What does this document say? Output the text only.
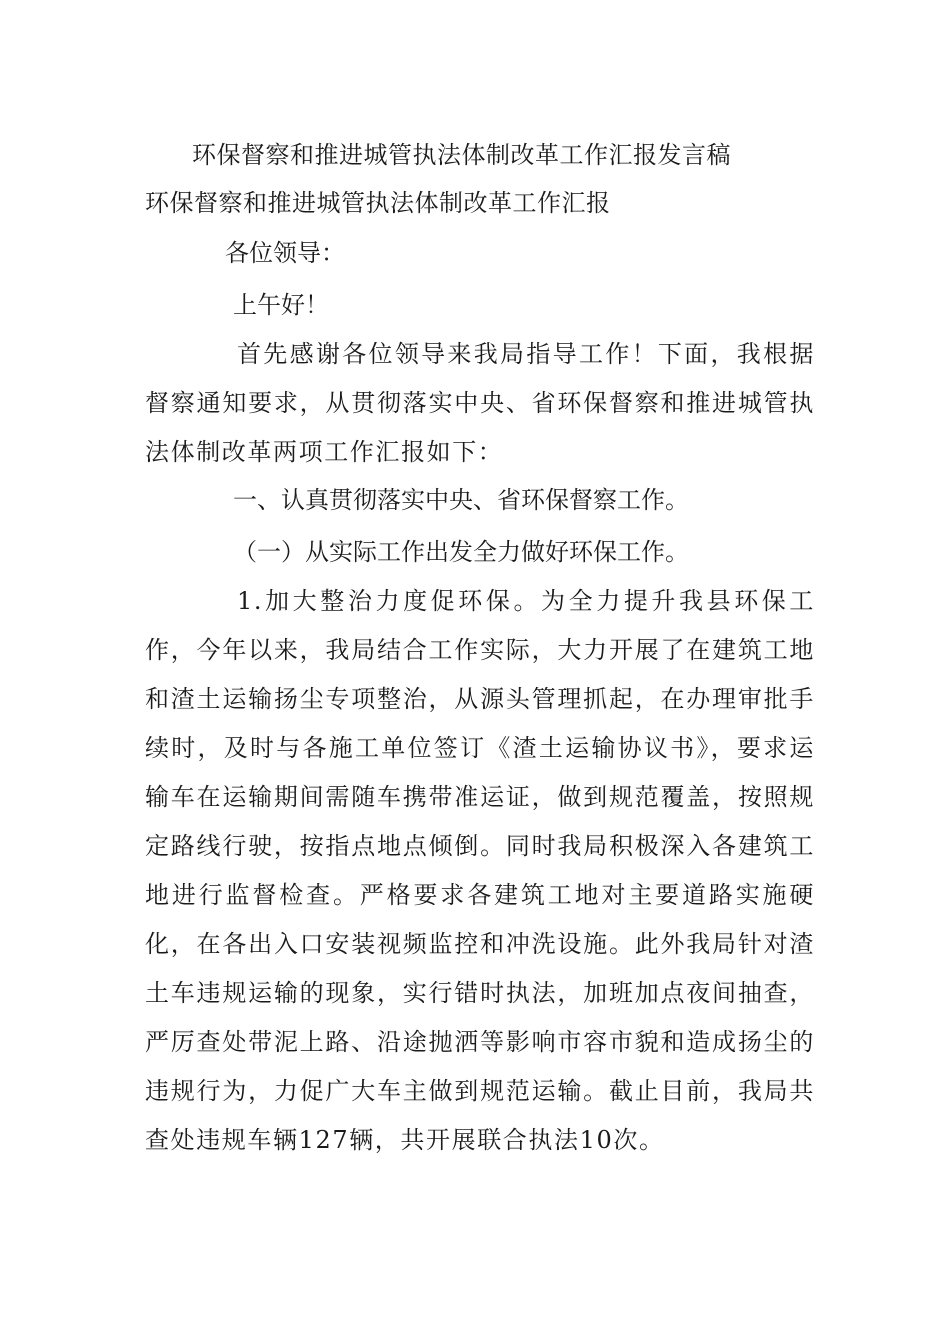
环保督察和推进城管执法体制改革工作汇报发言稿
环保督察和推进城管执法体制改革工作汇报
各位领导：
上午好！

首先感谢各位领导来我局指导工作！下面，我根据督察通知要求，从贯彻落实中央、省环保督察和推进城管执法体制改革两项工作汇报如下：

一、认真贯彻落实中央、省环保督察工作。
（一）从实际工作出发全力做好环保工作。

1.加大整治力度促环保。为全力提升我县环保工作，今年以来，我局结合工作实际，大力开展了在建筑工地和渣土运输扬尘专项整治，从源头管理抓起，在办理审批手续时，及时与各施工单位签订《渣土运输协议书》，要求运输车在运输期间需随车携带准运证，做到规范覆盖，按照规定路线行驶，按指点地点倾倒。同时我局积极深入各建筑工地进行监督检查。严格要求各建筑工地对主要道路实施硬化，在各出入口安装视频监控和冲洗设施。此外我局针对渣土车违规运输的现象，实行错时执法，加班加点夜间抽查，严厉查处带泥上路、沿途抛洒等影响市容市貌和造成扬尘的违规行为，力促广大车主做到规范运输。截止目前，我局共查处违规车辆127辆，共开展联合执法10次。
